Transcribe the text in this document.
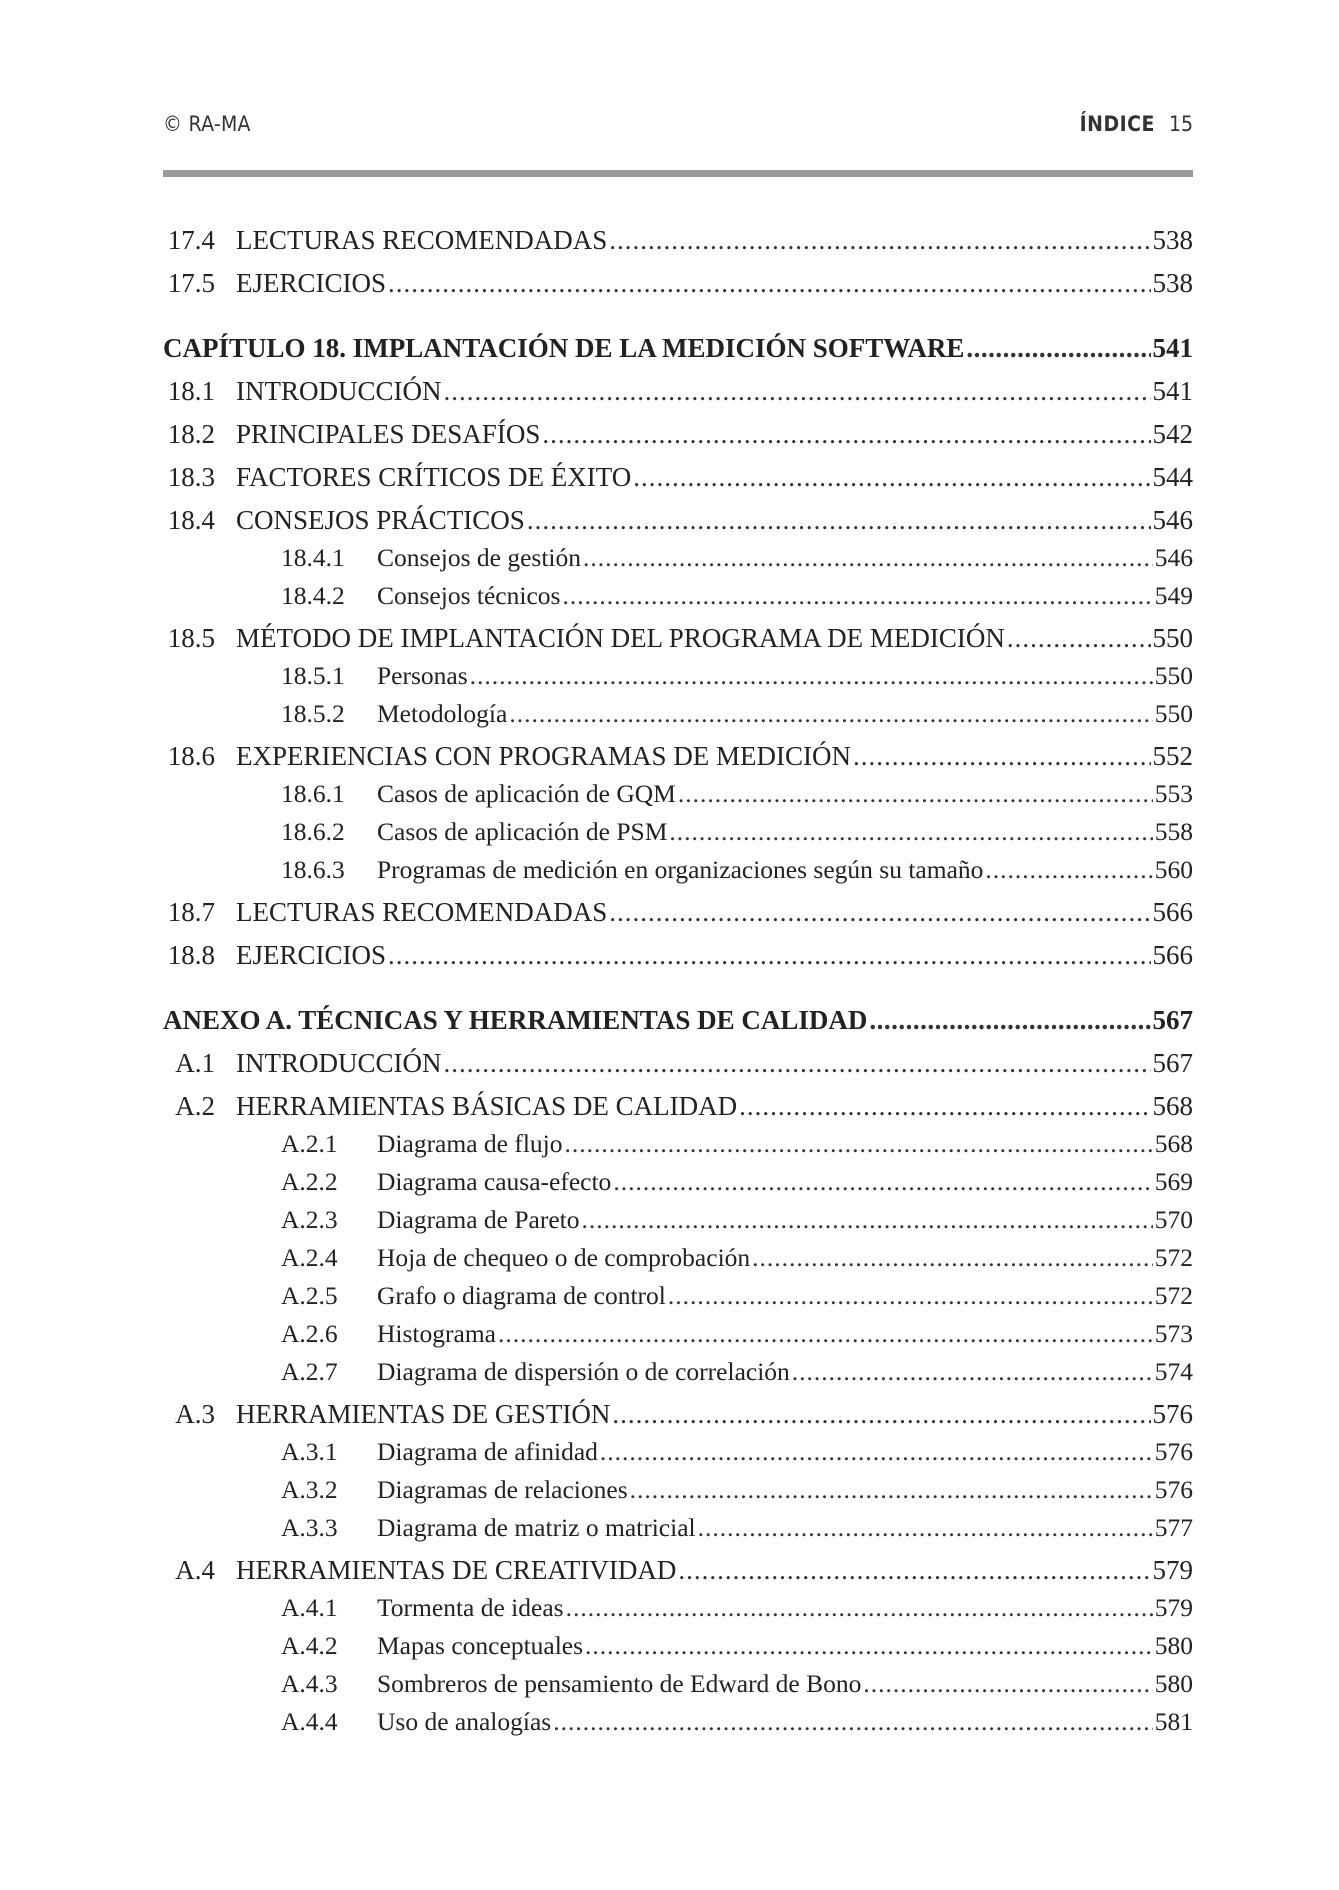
© RA-MA	ÍNDICE 15
17.4 LECTURAS RECOMENDADAS .....	538
17.5 EJERCICIOS .....	538
CAPÍTULO 18. IMPLANTACIÓN DE LA MEDICIÓN SOFTWARE .....	541
18.1 INTRODUCCIÓN .....	541
18.2 PRINCIPALES DESAFÍOS .....	542
18.3 FACTORES CRÍTICOS DE ÉXITO .....	544
18.4 CONSEJOS PRÁCTICOS .....	546
18.4.1 Consejos de gestión .....	546
18.4.2 Consejos técnicos .....	549
18.5 MÉTODO DE IMPLANTACIÓN DEL PROGRAMA DE MEDICIÓN .....	550
18.5.1 Personas .....	550
18.5.2 Metodología .....	550
18.6 EXPERIENCIAS CON PROGRAMAS DE MEDICIÓN .....	552
18.6.1 Casos de aplicación de GQM .....	553
18.6.2 Casos de aplicación de PSM .....	558
18.6.3 Programas de medición en organizaciones según su tamaño .....	560
18.7 LECTURAS RECOMENDADAS .....	566
18.8 EJERCICIOS .....	566
ANEXO A. TÉCNICAS Y HERRAMIENTAS DE CALIDAD .....	567
A.1 INTRODUCCIÓN .....	567
A.2 HERRAMIENTAS BÁSICAS DE CALIDAD .....	568
A.2.1	Diagrama de flujo .....	568
A.2.2	Diagrama causa-efecto .....	569
A.2.3	Diagrama de Pareto .....	570
A.2.4	Hoja de chequeo o de comprobación .....	572
A.2.5	Grafo o diagrama de control .....	572
A.2.6	Histograma .....	573
A.2.7	Diagrama de dispersión o de correlación .....	574
A.3 HERRAMIENTAS DE GESTIÓN .....	576
A.3.1	Diagrama de afinidad .....	576
A.3.2	Diagramas de relaciones .....	576
A.3.3	Diagrama de matriz o matricial .....	577
A.4 HERRAMIENTAS DE CREATIVIDAD .....	579
A.4.1	Tormenta de ideas .....	579
A.4.2	Mapas conceptuales .....	580
A.4.3	Sombreros de pensamiento de Edward de Bono .....	580
A.4.4	Uso de analogías .....	581
